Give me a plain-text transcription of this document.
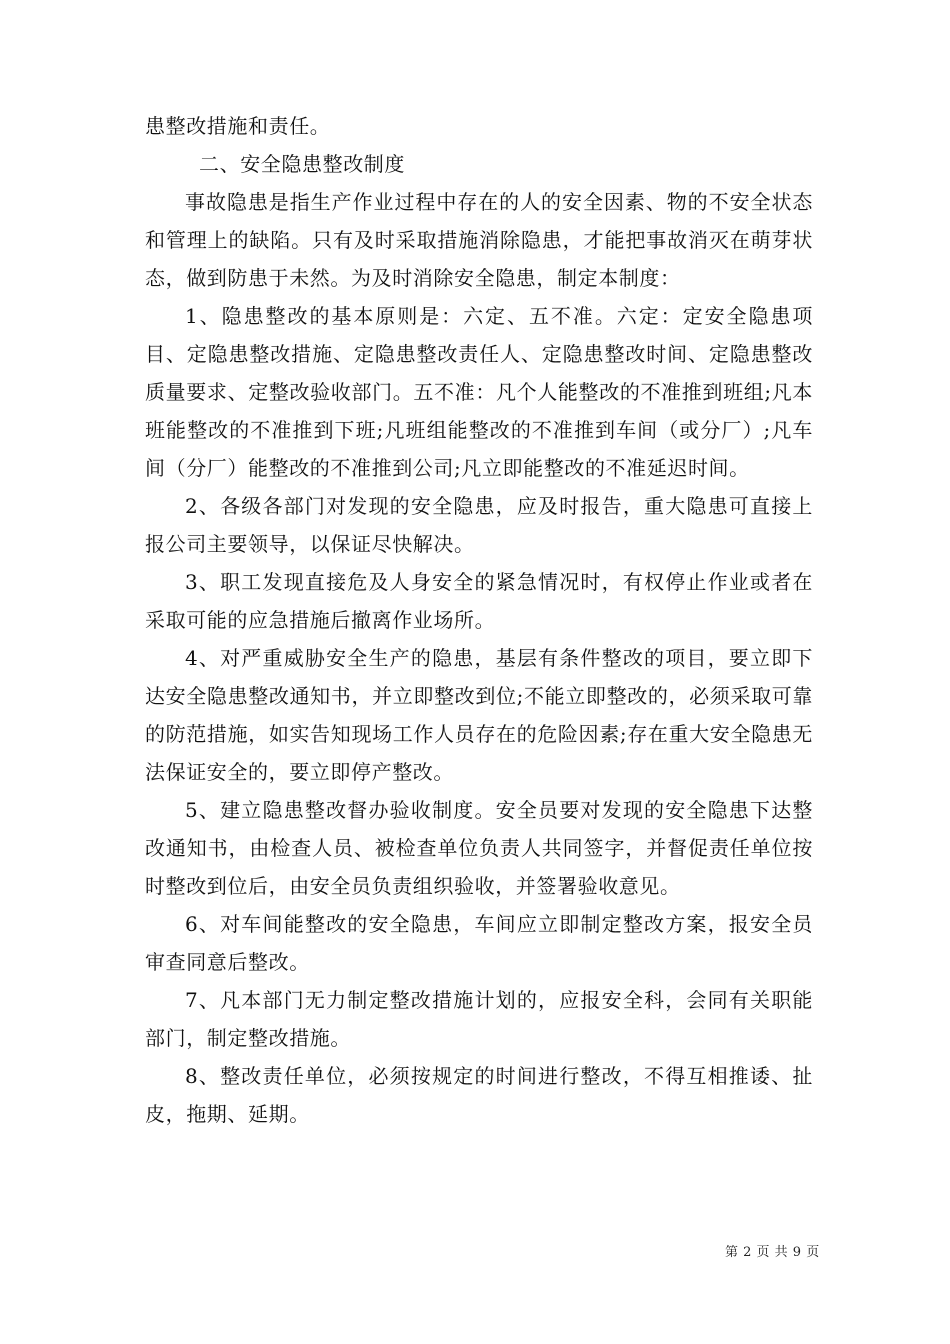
患整改措施和责任。

二、安全隐患整改制度

事故隐患是指生产作业过程中存在的人的安全因素、物的不安全状态和管理上的缺陷。只有及时采取措施消除隐患，才能把事故消灭在萌芽状态，做到防患于未然。为及时消除安全隐患，制定本制度：

1、隐患整改的基本原则是：六定、五不准。六定：定安全隐患项目、定隐患整改措施、定隐患整改责任人、定隐患整改时间、定隐患整改质量要求、定整改验收部门。五不准：凡个人能整改的不准推到班组;凡本班能整改的不准推到下班;凡班组能整改的不准推到车间（或分厂）;凡车间（分厂）能整改的不准推到公司;凡立即能整改的不准延迟时间。

2、各级各部门对发现的安全隐患，应及时报告，重大隐患可直接上报公司主要领导，以保证尽快解决。

3、职工发现直接危及人身安全的紧急情况时，有权停止作业或者在采取可能的应急措施后撤离作业场所。

4、对严重威胁安全生产的隐患，基层有条件整改的项目，要立即下达安全隐患整改通知书，并立即整改到位;不能立即整改的，必须采取可靠的防范措施，如实告知现场工作人员存在的危险因素;存在重大安全隐患无法保证安全的，要立即停产整改。

5、建立隐患整改督办验收制度。安全员要对发现的安全隐患下达整改通知书，由检查人员、被检查单位负责人共同签字，并督促责任单位按时整改到位后，由安全员负责组织验收，并签署验收意见。

6、对车间能整改的安全隐患，车间应立即制定整改方案，报安全员审查同意后整改。

7、凡本部门无力制定整改措施计划的，应报安全科，会同有关职能部门，制定整改措施。

8、整改责任单位，必须按规定的时间进行整改，不得互相推诿、扯皮，拖期、延期。

第 2 页 共 9 页
